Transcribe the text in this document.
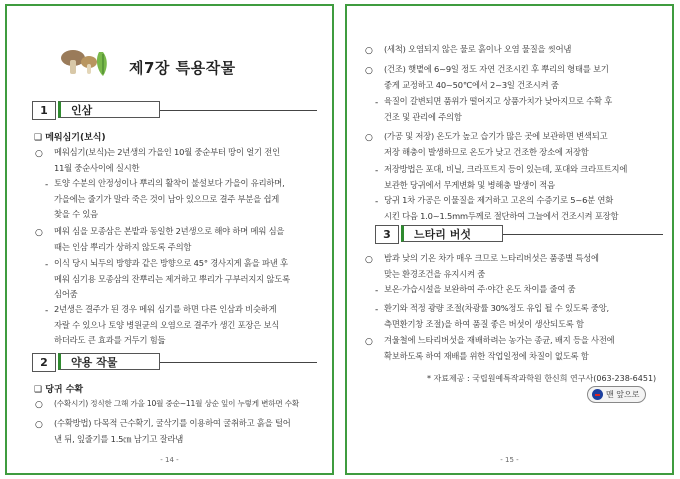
제7장 특용작물
1	인삼
❑ 메워심기(보식)
○ 메워심기(보식)는 2년생의 가을인 10월 중순부터 땅이 얼기 전인
11월 중순사이에 실시한
- 토양 수분의 안정성이나 뿌리의 활착이 불설보다 가을이 유리하며,
가을에는 줄기가 말라 죽은 것이 남아 있으므로 결주 부분을 쉽게
찾을 수 있음
○ 메워 심을 모종삼은 본밭과 동일한 2년생으로 해야 하며 메워 심을
때는 인삼 뿌리가 상하지 않도록 주의함
- 이식 당시 뇌두의 방향과 같은 방향으로 45° 경사지게 흙을 파낸 후
메워 심기용 모종삼의 잔뿌리는 제거하고 뿌리가 구부러지지 않도록
심어줌
- 2년생은 결주가 된 경우 메워 심기를 하면 다른 인삼과 비슷하게
자랄 수 있으나 토양 병원균의 오염으로 결주가 생긴 포장은 보식
하더라도 큰 효과를 거두기 힘듦
2	약용 작물
❑ 당귀 수확
○ (수확시기) 정식한 그해 가을 10월 중순~11월 상순 잎이 누렇게 변하면 수확
○ (수확방법) 다목적 근수확기, 굴삭기를 이용하여 굴취하고 흙을 털어
낸 뒤, 잎줄기를 1.5㎝ 남기고 잘라냄
- 14 -
○ (세척) 오염되지 않은 물로 흙이나 오염 물질을 씻어냄
○ (건조) 햇볕에 6~9일 정도 자연 건조시킨 후 뿌리의 형태를 보기
좋게 교정하고 40~50℃에서 2~3일 건조시켜 줌
- 육질이 갈변되면 품위가 떨어지고 상품가치가 낮아지므로 수확 후
건조 및 관리에 주의함
○ (가공 및 저장) 온도가 높고 습기가 많은 곳에 보관하면 변색되고
저장 해충이 발생하므로 온도가 낮고 건조한 장소에 저장함
- 저장방법은 포대, 비닐, 크라프트지 등이 있는데, 포대와 크라프트지에
보관한 당귀에서 무게변화 및 병해충 발생이 적음
- 당귀 1차 가공은 이물질을 제거하고 고온의 수증기로 5~6분 연화
시킨 다음 1.0~1.5mm두께로 절단하여 그늘에서 건조시켜 포장함
3	느타리 버섯
○ 밤과 낮의 기온 차가 매우 크므로 느타리버섯은 품종별 특성에
맞는 환경조건을 유지시켜 줌
- 보온·가습시설을 보완하여 주·야간 온도 차이를 줄여 줌
- 환기와 적정 광량 조절(차광률 30%정도 유입 될 수 있도록 중앙,
측면환기창 조절)을 하여 품질 좋은 버섯이 생산되도록 함
○ 겨울철에 느타리버섯을 재배하려는 농가는 종균, 배지 등을 사전에
확보하도록 하여 재배를 위한 작업일정에 차질이 없도록 함
* 자료제공 : 국립원예특작과학원 한신희 연구사(063-238-6451)
맨 앞으로
- 15 -
